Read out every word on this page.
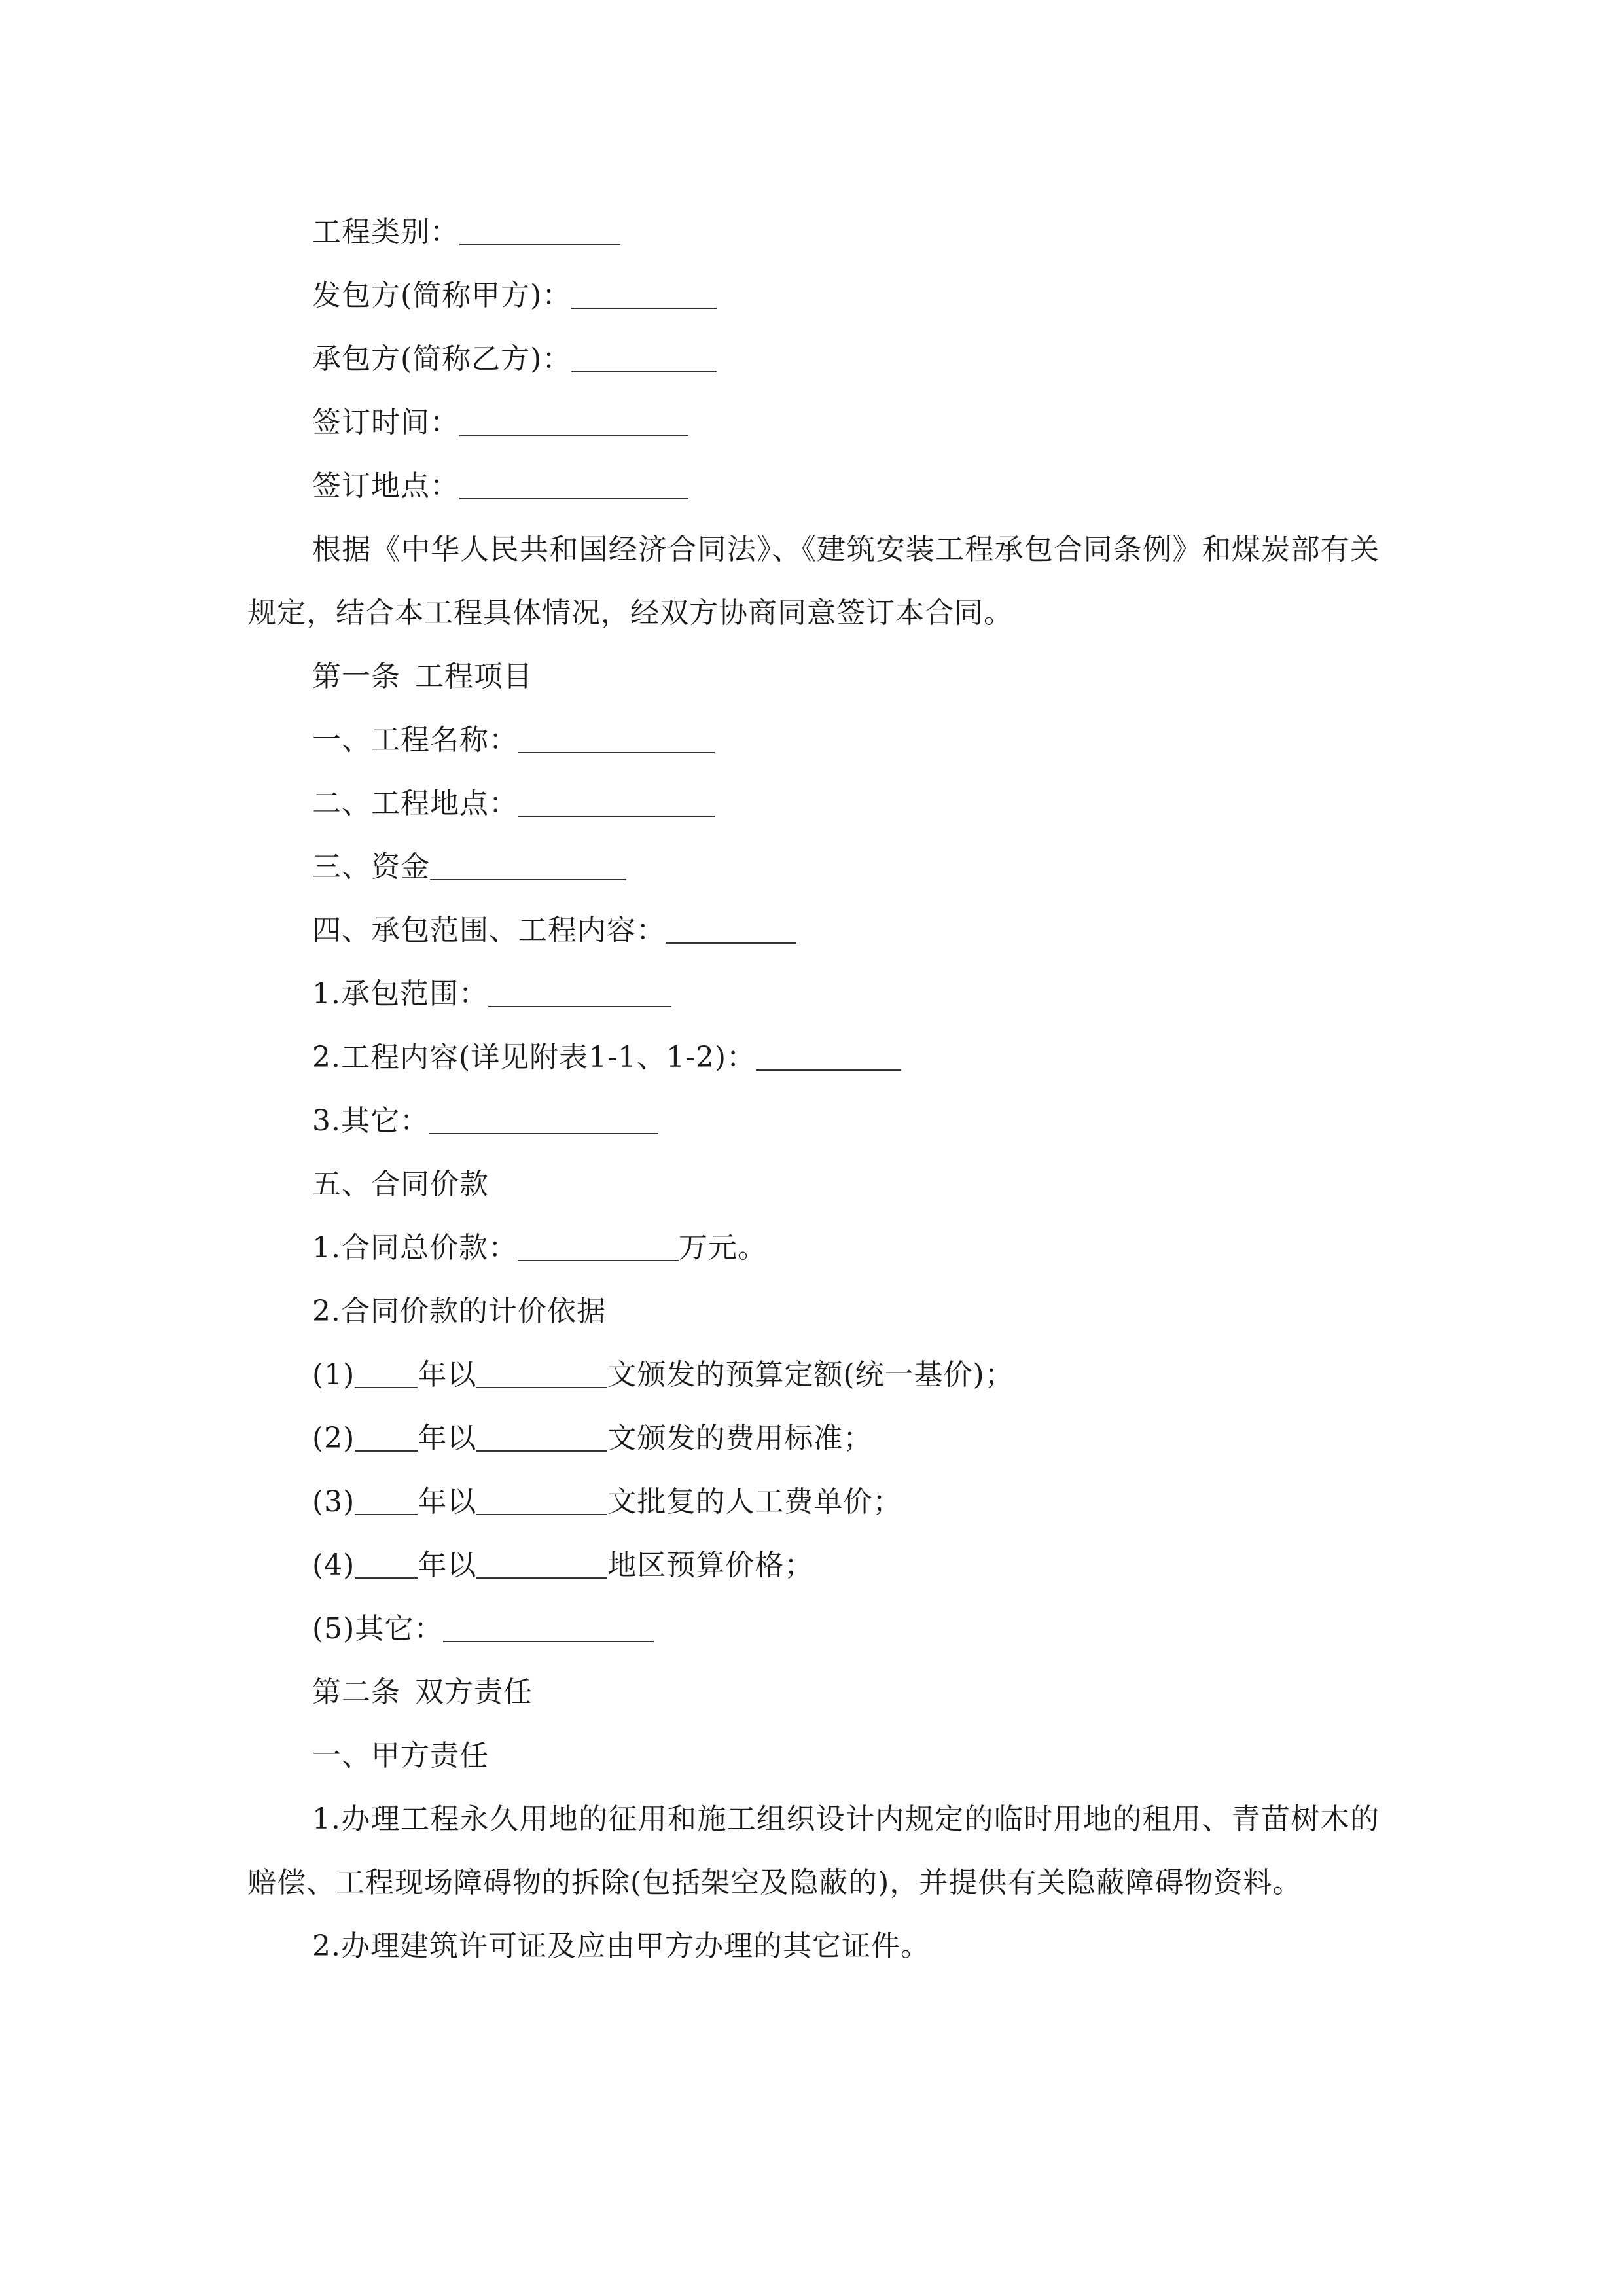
工程类别：
发包方(简称甲方)：
承包方(简称乙方)：
签订时间：
签订地点：
根据《中华人民共和国经济合同法》、《建筑安装工程承包合同条例》和煤炭部有关规定，结合本工程具体情况，经双方协商同意签订本合同。
第一条 工程项目
一、工程名称：
二、工程地点：
三、资金
四、承包范围、工程内容：
1.承包范围：
2.工程内容(详见附表1-1、1-2)：
3.其它：
五、合同价款
1.合同总价款：	万元。
2.合同价款的计价依据
(1) 年以	文颁发的预算定额(统一基价)；
(2) 年以	文颁发的费用标准；
(3) 年以	文批复的人工费单价；
(4) 年以	地区预算价格；
(5)其它：
第二条 双方责任
一、甲方责任
1.办理工程永久用地的征用和施工组织设计内规定的临时用地的租用、青苗树木的赔偿、工程现场障碍物的拆除(包括架空及隐蔽的)，并提供有关隐蔽障碍物资料。
2.办理建筑许可证及应由甲方办理的其它证件。
